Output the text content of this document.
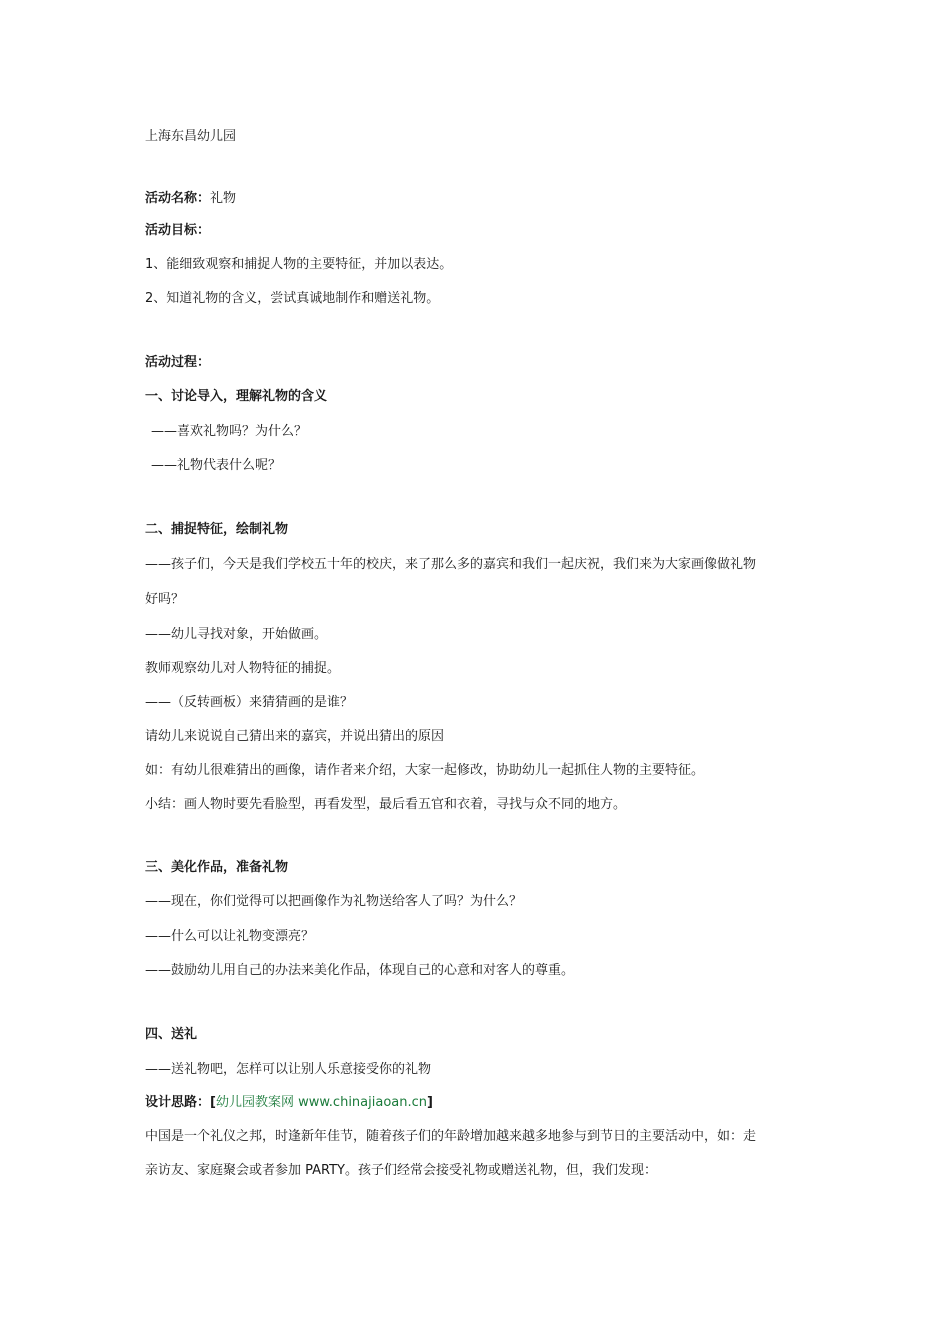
上海东昌幼儿园
活动名称：礼物
活动目标：
1、能细致观察和捕捉人物的主要特征，并加以表达。
2、知道礼物的含义，尝试真诚地制作和赠送礼物。
活动过程：
一、讨论导入，理解礼物的含义
——喜欢礼物吗？为什么？
——礼物代表什么呢？
二、捕捉特征，绘制礼物
——孩子们，今天是我们学校五十年的校庆，来了那么多的嘉宾和我们一起庆祝，我们来为大家画像做礼物
好吗？
——幼儿寻找对象，开始做画。
教师观察幼儿对人物特征的捕捉。
——（反转画板）来猜猜画的是谁？
请幼儿来说说自己猜出来的嘉宾，并说出猜出的原因
如：有幼儿很难猜出的画像，请作者来介绍，大家一起修改，协助幼儿一起抓住人物的主要特征。
小结：画人物时要先看脸型，再看发型，最后看五官和衣着，寻找与众不同的地方。
三、美化作品，准备礼物
——现在，你们觉得可以把画像作为礼物送给客人了吗？为什么？
——什么可以让礼物变漂亮？
——鼓励幼儿用自己的办法来美化作品，体现自己的心意和对客人的尊重。
四、送礼
——送礼物吧，怎样可以让别人乐意接受你的礼物
设计思路：[幼儿园教案网 www.chinajiaoan.cn]
中国是一个礼仪之邦，时逢新年佳节，随着孩子们的年龄增加越来越多地参与到节日的主要活动中，如：走
亲访友、家庭聚会或者参加 PARTY。孩子们经常会接受礼物或赠送礼物，但，我们发现：
